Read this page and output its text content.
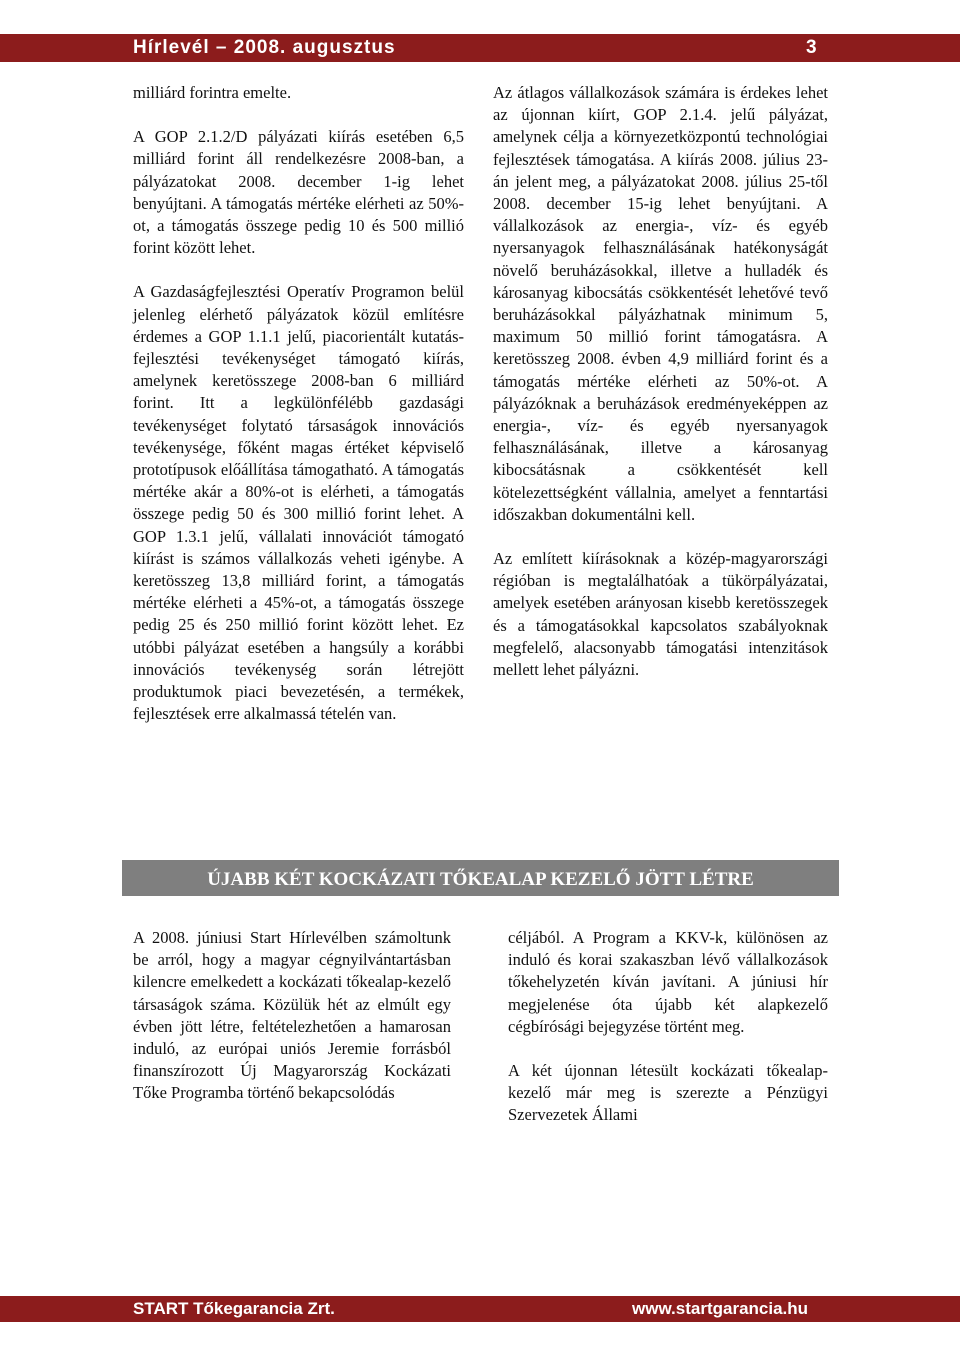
Hírlevél – 2008. augusztus	3

milliárd forintra emelte.

A GOP 2.1.2/D pályázati kiírás esetében 6,5 milliárd forint áll rendelkezésre 2008-ban, a pályázatokat 2008. december 1-ig lehet benyújtani. A támogatás mértéke elérheti az 50%-ot, a támogatás összege pedig 10 és 500 millió forint között lehet.

A Gazdaságfejlesztési Operatív Programon belül jelenleg elérhető pályázatok közül említésre érdemes a GOP 1.1.1 jelű, piacorientált kutatás-fejlesztési tevékenységet támogató kiírás, amelynek keretösszege 2008-ban 6 milliárd forint. Itt a legkülönfélébb gazdasági tevékenységet folytató társaságok innovációs tevékenysége, főként magas értéket képviselő prototípusok előállítása támogatható. A támogatás mértéke akár a 80%-ot is elérheti, a támogatás összege pedig 50 és 300 millió forint lehet. A GOP 1.3.1 jelű, vállalati innovációt támogató kiírást is számos vállalkozás veheti igénybe. A keretösszeg 13,8 milliárd forint, a támogatás mértéke elérheti a 45%-ot, a támogatás összege pedig 25 és 250 millió forint között lehet. Ez utóbbi pályázat esetében a hangsúly a korábbi innovációs tevékenység során létrejött produktumok piaci bevezetésén, a termékek, fejlesztések erre alkalmassá tételén van.

Az átlagos vállalkozások számára is érdekes lehet az újonnan kiírt, GOP 2.1.4. jelű pályázat, amelynek célja a környezetközpontú technológiai fejlesztések támogatása. A kiírás 2008. július 23-án jelent meg, a pályázatokat 2008. július 25-től 2008. december 15-ig lehet benyújtani. A vállalkozások az energia-, víz- és egyéb nyersanyagok felhasználásának hatékonyságát növelő beruházásokkal, illetve a hulladék és károsanyag kibocsátás csökkentését lehetővé tevő beruházásokkal pályázhatnak minimum 5, maximum 50 millió forint támogatásra. A keretösszeg 2008. évben 4,9 milliárd forint és a támogatás mértéke elérheti az 50%-ot. A pályázóknak a beruházások eredményeképpen az energia-, víz- és egyéb nyersanyagok felhasználásának, illetve a károsanyag kibocsátásnak a csökkentését kell kötelezettségként vállalnia, amelyet a fenntartási időszakban dokumentálni kell.

Az említett kiírásoknak a közép-magyarországi régióban is megtalálhatóak a tükörpályázatai, amelyek esetében arányosan kisebb keretösszegek és a támogatásokkal kapcsolatos szabályoknak megfelelő, alacsonyabb támogatási intenzitások mellett lehet pályázni.

ÚJABB KÉT KOCKÁZATI TŐKEALAP KEZELŐ JÖTT LÉTRE

A 2008. júniusi Start Hírlevélben számoltunk be arról, hogy a magyar cégnyilvántartásban kilencre emelkedett a kockázati tőkealap-kezelő társaságok száma. Közülük hét az elmúlt egy évben jött létre, feltételezhetően a hamarosan induló, az európai uniós Jeremie forrásból finanszírozott Új Magyarország Kockázati Tőke Programba történő bekapcsolódás

céljából. A Program a KKV-k, különösen az induló és korai szakaszban lévő vállalkozások tőkehelyzetén kíván javítani. A júniusi hír megjelenése óta újabb két alapkezelő cégbírósági bejegyzése történt meg.

A két újonnan létesült kockázati tőkealap-kezelő már meg is szerezte a Pénzügyi Szervezetek Állami

START Tőkegarancia Zrt.	www.startgarancia.hu
